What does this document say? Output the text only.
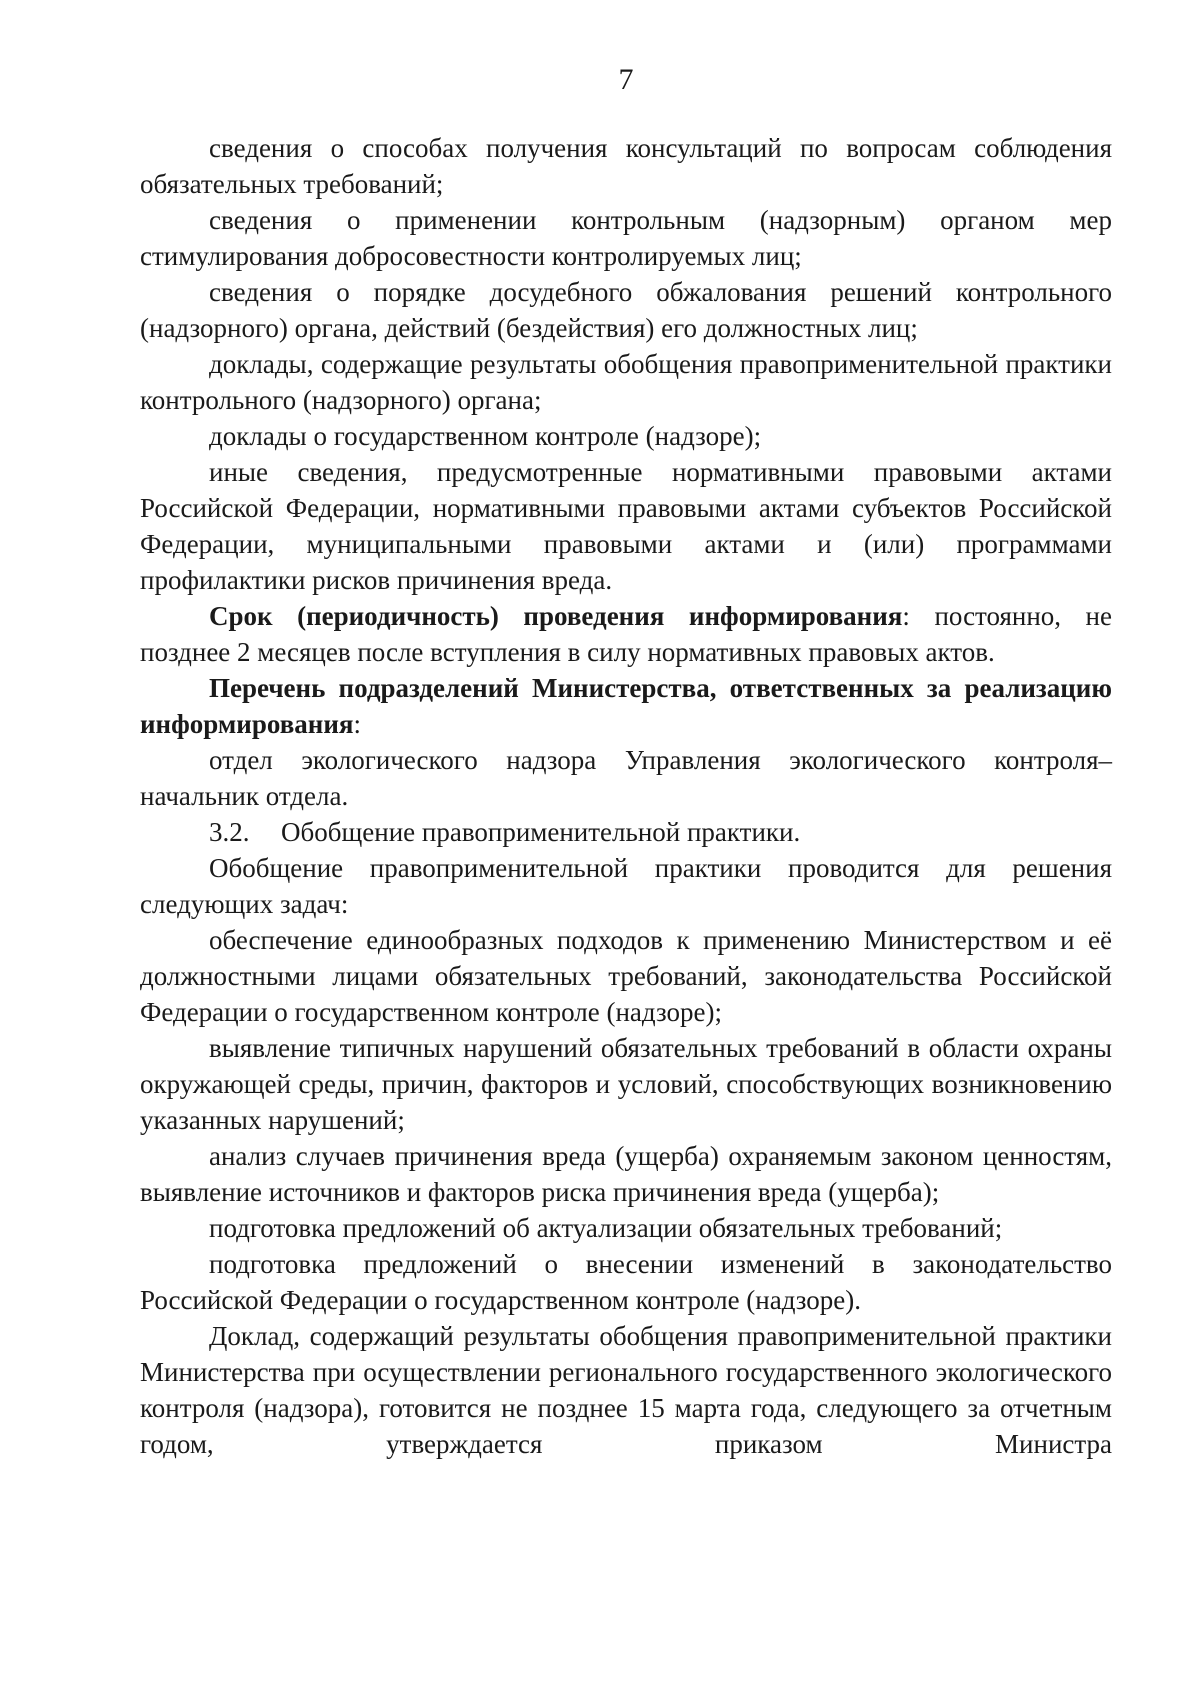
7

сведения о способах получения консультаций по вопросам соблюдения обязательных требований;

сведения о применении контрольным (надзорным) органом мер стимулирования добросовестности контролируемых лиц;

сведения о порядке досудебного обжалования решений контрольного (надзорного) органа, действий (бездействия) его должностных лиц;

доклады, содержащие результаты обобщения правоприменительной практики контрольного (надзорного) органа;

доклады о государственном контроле (надзоре);

иные сведения, предусмотренные нормативными правовыми актами Российской Федерации, нормативными правовыми актами субъектов Российской Федерации, муниципальными правовыми актами и (или) программами профилактики рисков причинения вреда.

Срок (периодичность) проведения информирования: постоянно, не позднее 2 месяцев после вступления в силу нормативных правовых актов.

Перечень подразделений Министерства, ответственных за реализацию информирования:

отдел экологического надзора Управления экологического контроля– начальник отдела.

3.2. Обобщение правоприменительной практики.

Обобщение правоприменительной практики проводится для решения следующих задач:

обеспечение единообразных подходов к применению Министерством и её должностными лицами обязательных требований, законодательства Российской Федерации о государственном контроле (надзоре);

выявление типичных нарушений обязательных требований в области охраны окружающей среды, причин, факторов и условий, способствующих возникновению указанных нарушений;

анализ случаев причинения вреда (ущерба) охраняемым законом ценностям, выявление источников и факторов риска причинения вреда (ущерба);

подготовка предложений об актуализации обязательных требований;

подготовка предложений о внесении изменений в законодательство Российской Федерации о государственном контроле (надзоре).

Доклад, содержащий результаты обобщения правоприменительной практики Министерства при осуществлении регионального государственного экологического контроля (надзора), готовится не позднее 15 марта года, следующего за отчетным годом, утверждается приказом Министра
